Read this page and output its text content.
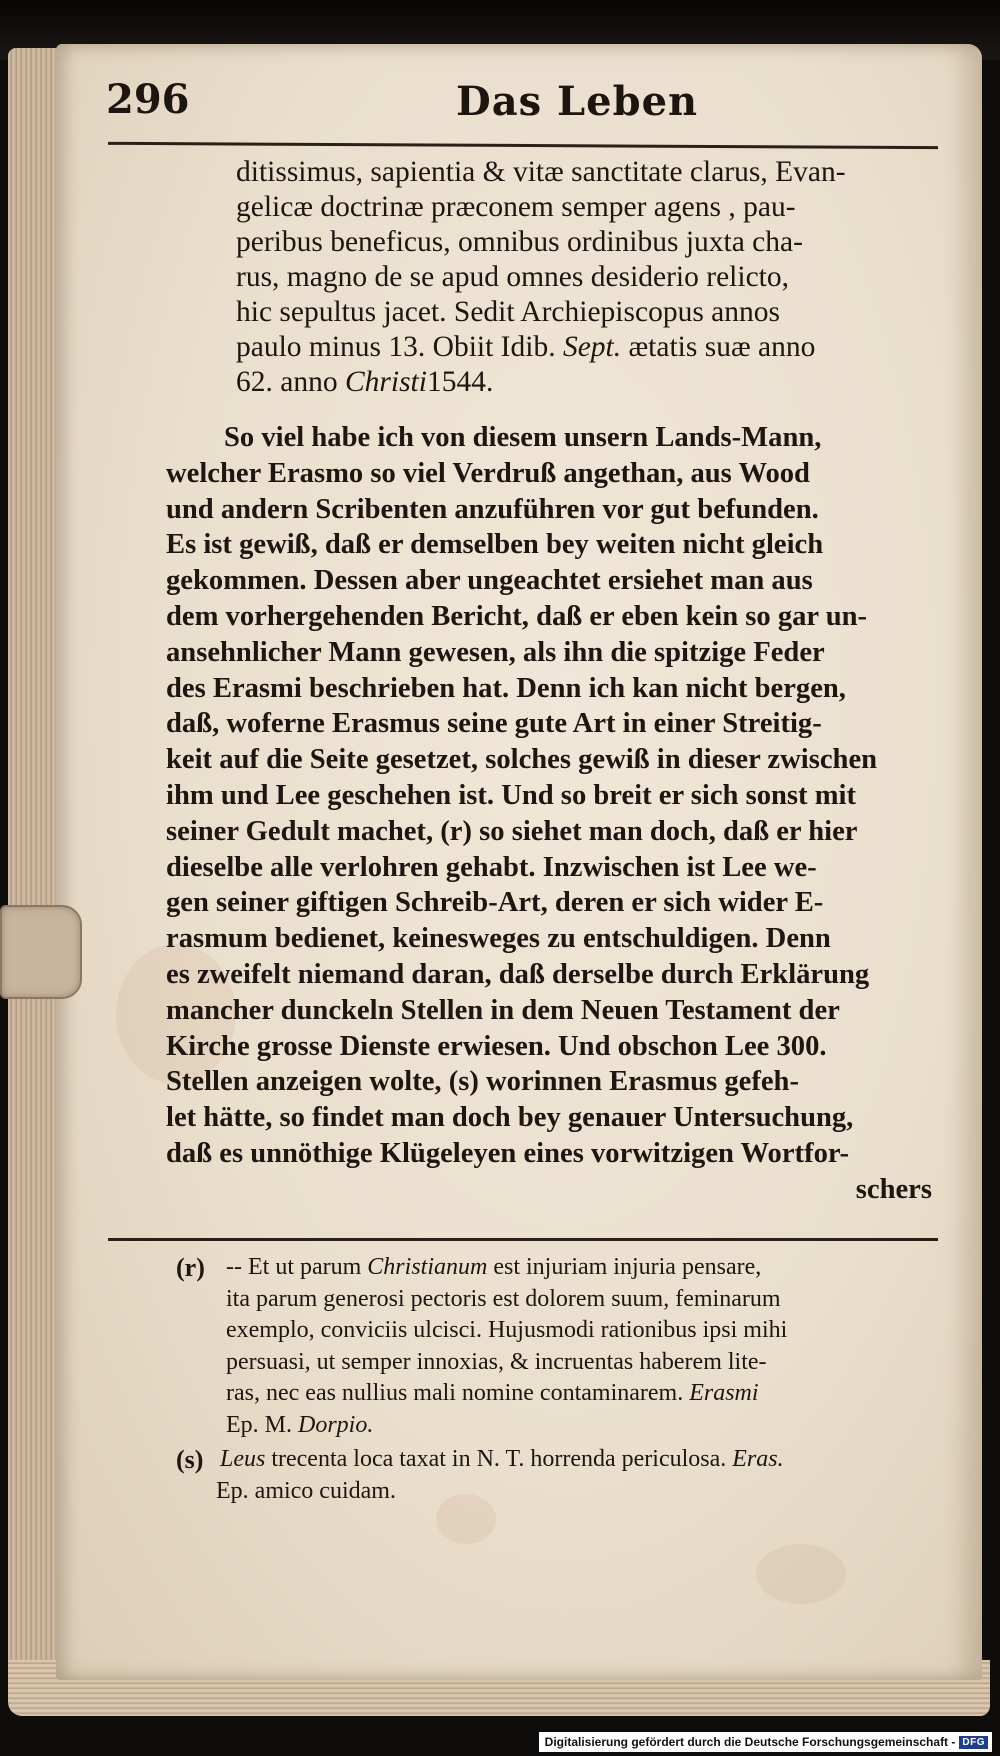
296	Das Leben
ditissimus, sapientia & vitæ sanctitate clarus, Evan-
gelicæ doctrinæ præconem semper agens , pau-
peribus beneficus, omnibus ordinibus juxta cha-
rus, magno de se apud omnes desiderio relicto,
hic sepultus jacet. Sedit Archiepiscopus annos
paulo minus 13. Obiit Idib. Sept. ætatis suæ anno
62. anno Christi1544.
So viel habe ich von diesem unsern Lands-Mann,
welcher Erasmo so viel Verdruß angethan, aus Wood
und andern Scribenten anzuführen vor gut befunden.
Es ist gewiß, daß er demselben bey weiten nicht gleich
gekommen. Dessen aber ungeachtet ersiehet man aus
dem vorhergehenden Bericht, daß er eben kein so gar un-
ansehnlicher Mann gewesen, als ihn die spitzige Feder
des Erasmi beschrieben hat. Denn ich kan nicht bergen,
daß, woferne Erasmus seine gute Art in einer Streitig-
keit auf die Seite gesetzet, solches gewiß in dieser zwischen
ihm und Lee geschehen ist. Und so breit er sich sonst mit
seiner Gedult machet, (r) so siehet man doch, daß er hier
dieselbe alle verlohren gehabt. Inzwischen ist Lee we-
gen seiner giftigen Schreib-Art, deren er sich wider E-
rasmum bedienet, keinesweges zu entschuldigen. Denn
es zweifelt niemand daran, daß derselbe durch Erklärung
mancher dunckeln Stellen in dem Neuen Testament der
Kirche grosse Dienste erwiesen. Und obschon Lee 300.
Stellen anzeigen wolte, (s) worinnen Erasmus gefeh-
let hätte, so findet man doch bey genauer Untersuchung,
daß es unnöthige Klügeleyen eines vorwitzigen Wortfor-
schers
(r) -- Et ut parum Christianum est injuriam injuria pensare,
ita parum generosi pectoris est dolorem suum, feminarum
exemplo, conviciis ulcisci. Hujusmodi rationibus ipsi mihi
persuasi, ut semper innoxias, & incruentas haberem lite-
ras, nec eas nullius mali nomine contaminarem. Erasmi
Ep. M. Dorpio.
(s) Leus trecenta loca taxat in N. T. horrenda periculosa. Eras.
Ep. amico cuidam.
Digitalisierung gefördert durch die Deutsche Forschungsgemeinschaft - DFG
